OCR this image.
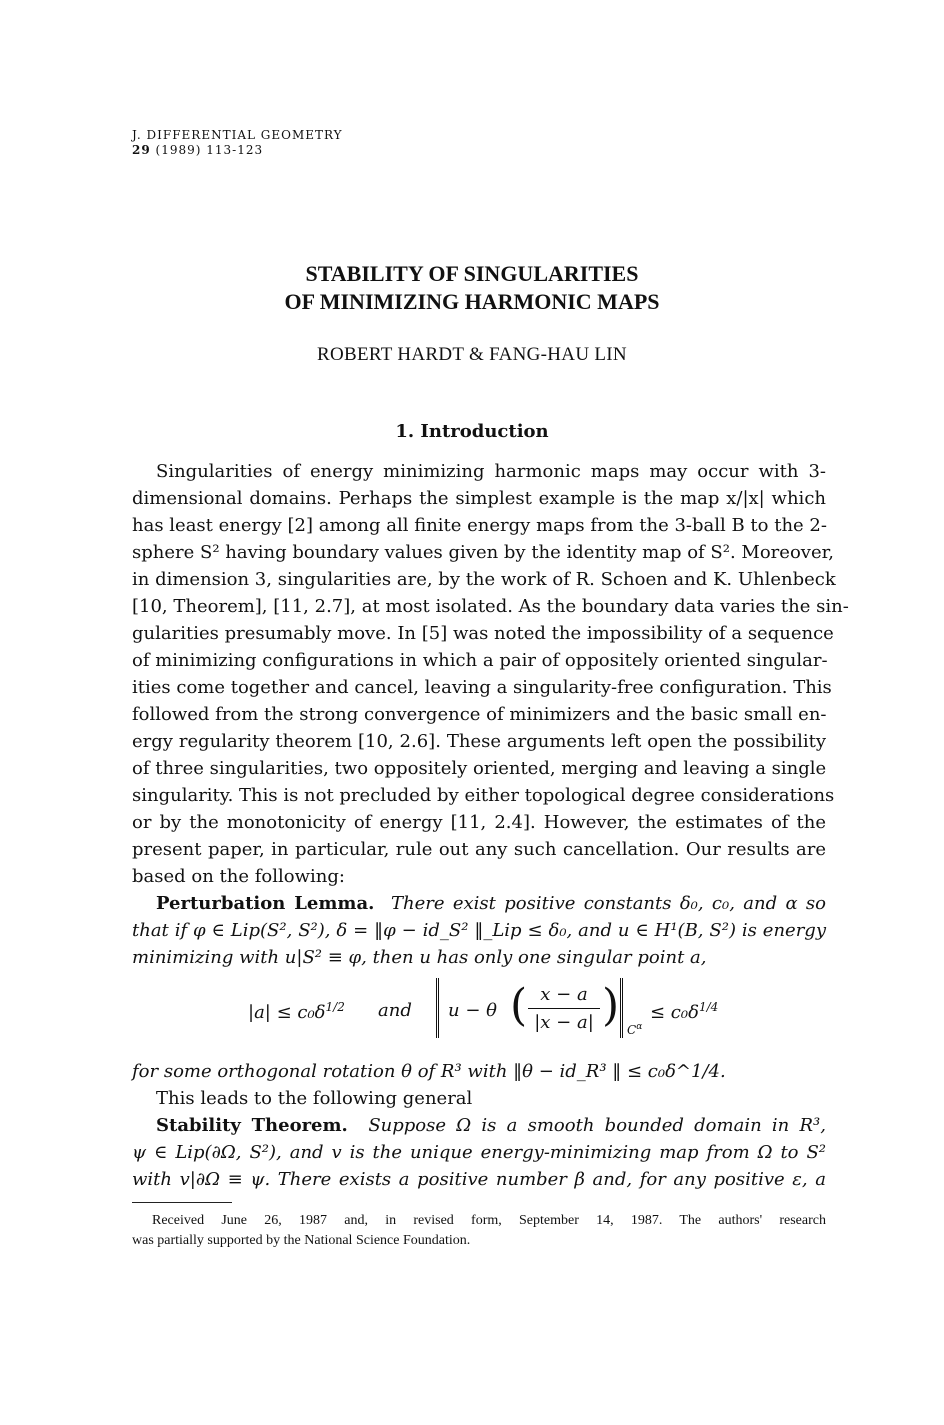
J. DIFFERENTIAL GEOMETRY
29 (1989) 113-123
STABILITY OF SINGULARITIES
OF MINIMIZING HARMONIC MAPS
ROBERT HARDT & FANG-HAU LIN
1. Introduction
Singularities of energy minimizing harmonic maps may occur with 3-
dimensional domains. Perhaps the simplest example is the map x/|x| which
has least energy [2] among all finite energy maps from the 3-ball B to the 2-
sphere S² having boundary values given by the identity map of S². Moreover,
in dimension 3, singularities are, by the work of R. Schoen and K. Uhlenbeck
[10, Theorem], [11, 2.7], at most isolated. As the boundary data varies the sin-
gularities presumably move. In [5] was noted the impossibility of a sequence
of minimizing configurations in which a pair of oppositely oriented singular-
ities come together and cancel, leaving a singularity-free configuration. This
followed from the strong convergence of minimizers and the basic small en-
ergy regularity theorem [10, 2.6]. These arguments left open the possibility
of three singularities, two oppositely oriented, merging and leaving a single
singularity. This is not precluded by either topological degree considerations
or by the monotonicity of energy [11, 2.4]. However, the estimates of the
present paper, in particular, rule out any such cancellation. Our results are
based on the following:
Perturbation Lemma. There exist positive constants δ₀, c₀, and α so
that if φ ∈ Lip(S², S²), δ = ‖φ − id_S² ‖_Lip ≤ δ₀, and u ∈ H¹(B, S²) is energy
minimizing with u|S² ≡ φ, then u has only one singular point a,
$|a| \le c_0\delta^{1/2}$ and u − θ ( x − a
|x − a| ) $C^\alpha$
≤ $c_0\delta^{1/4}$
for some orthogonal rotation θ of R³ with ‖θ − id_R³ ‖ ≤ c₀δ^1/4.
This leads to the following general
Stability Theorem. Suppose Ω is a smooth bounded domain in R³,
ψ ∈ Lip(∂Ω, S²), and v is the unique energy-minimizing map from Ω to S²
with v|∂Ω ≡ ψ. There exists a positive number β and, for any positive ε, a
Received June 26, 1987 and, in revised form, September 14, 1987. The authors' research
was partially supported by the National Science Foundation.
